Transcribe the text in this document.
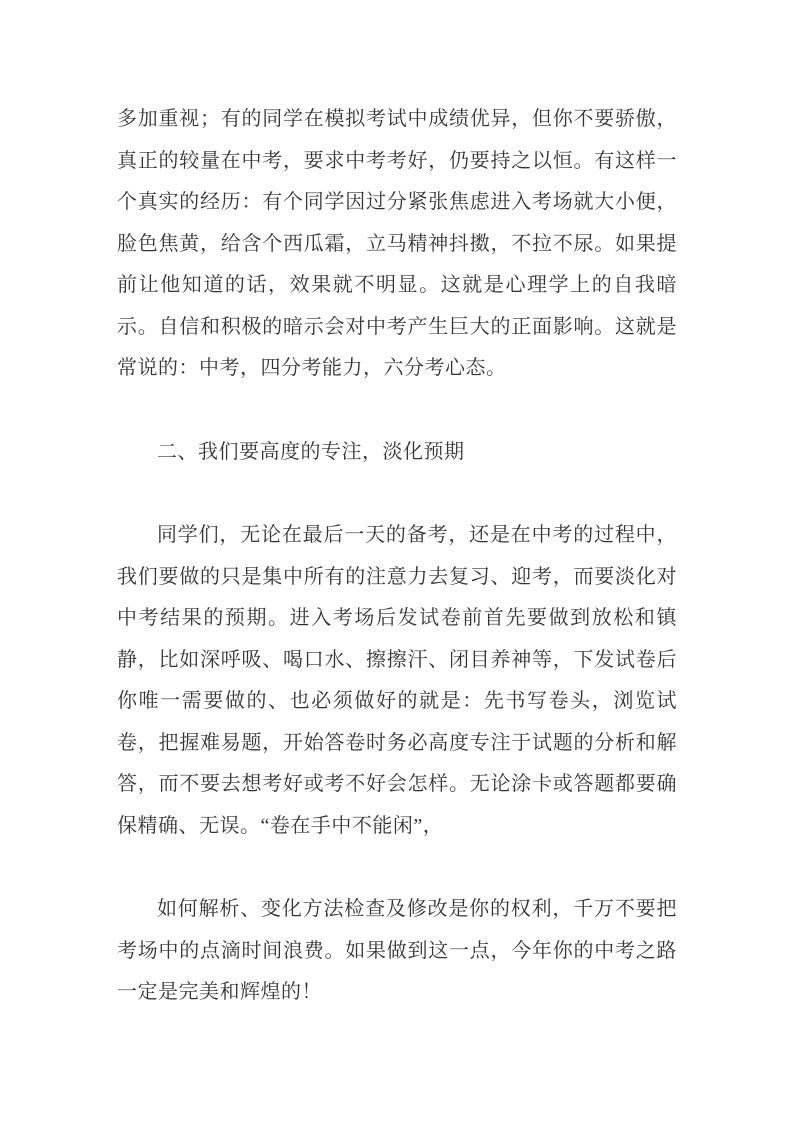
多加重视；有的同学在模拟考试中成绩优异，但你不要骄傲，真正的较量在中考，要求中考考好，仍要持之以恒。有这样一个真实的经历：有个同学因过分紧张焦虑进入考场就大小便，脸色焦黄，给含个西瓜霜，立马精神抖擞，不拉不尿。如果提前让他知道的话，效果就不明显。这就是心理学上的自我暗示。自信和积极的暗示会对中考产生巨大的正面影响。这就是常说的：中考，四分考能力，六分考心态。

二、我们要高度的专注，淡化预期

同学们，无论在最后一天的备考，还是在中考的过程中，我们要做的只是集中所有的注意力去复习、迎考，而要淡化对中考结果的预期。进入考场后发试卷前首先要做到放松和镇静，比如深呼吸、喝口水、擦擦汗、闭目养神等，下发试卷后你唯一需要做的、也必须做好的就是：先书写卷头，浏览试卷，把握难易题，开始答卷时务必高度专注于试题的分析和解答，而不要去想考好或考不好会怎样。无论涂卡或答题都要确保精确、无误。“卷在手中不能闲”，

如何解析、变化方法检查及修改是你的权利，千万不要把考场中的点滴时间浪费。如果做到这一点，今年你的中考之路一定是完美和辉煌的！
